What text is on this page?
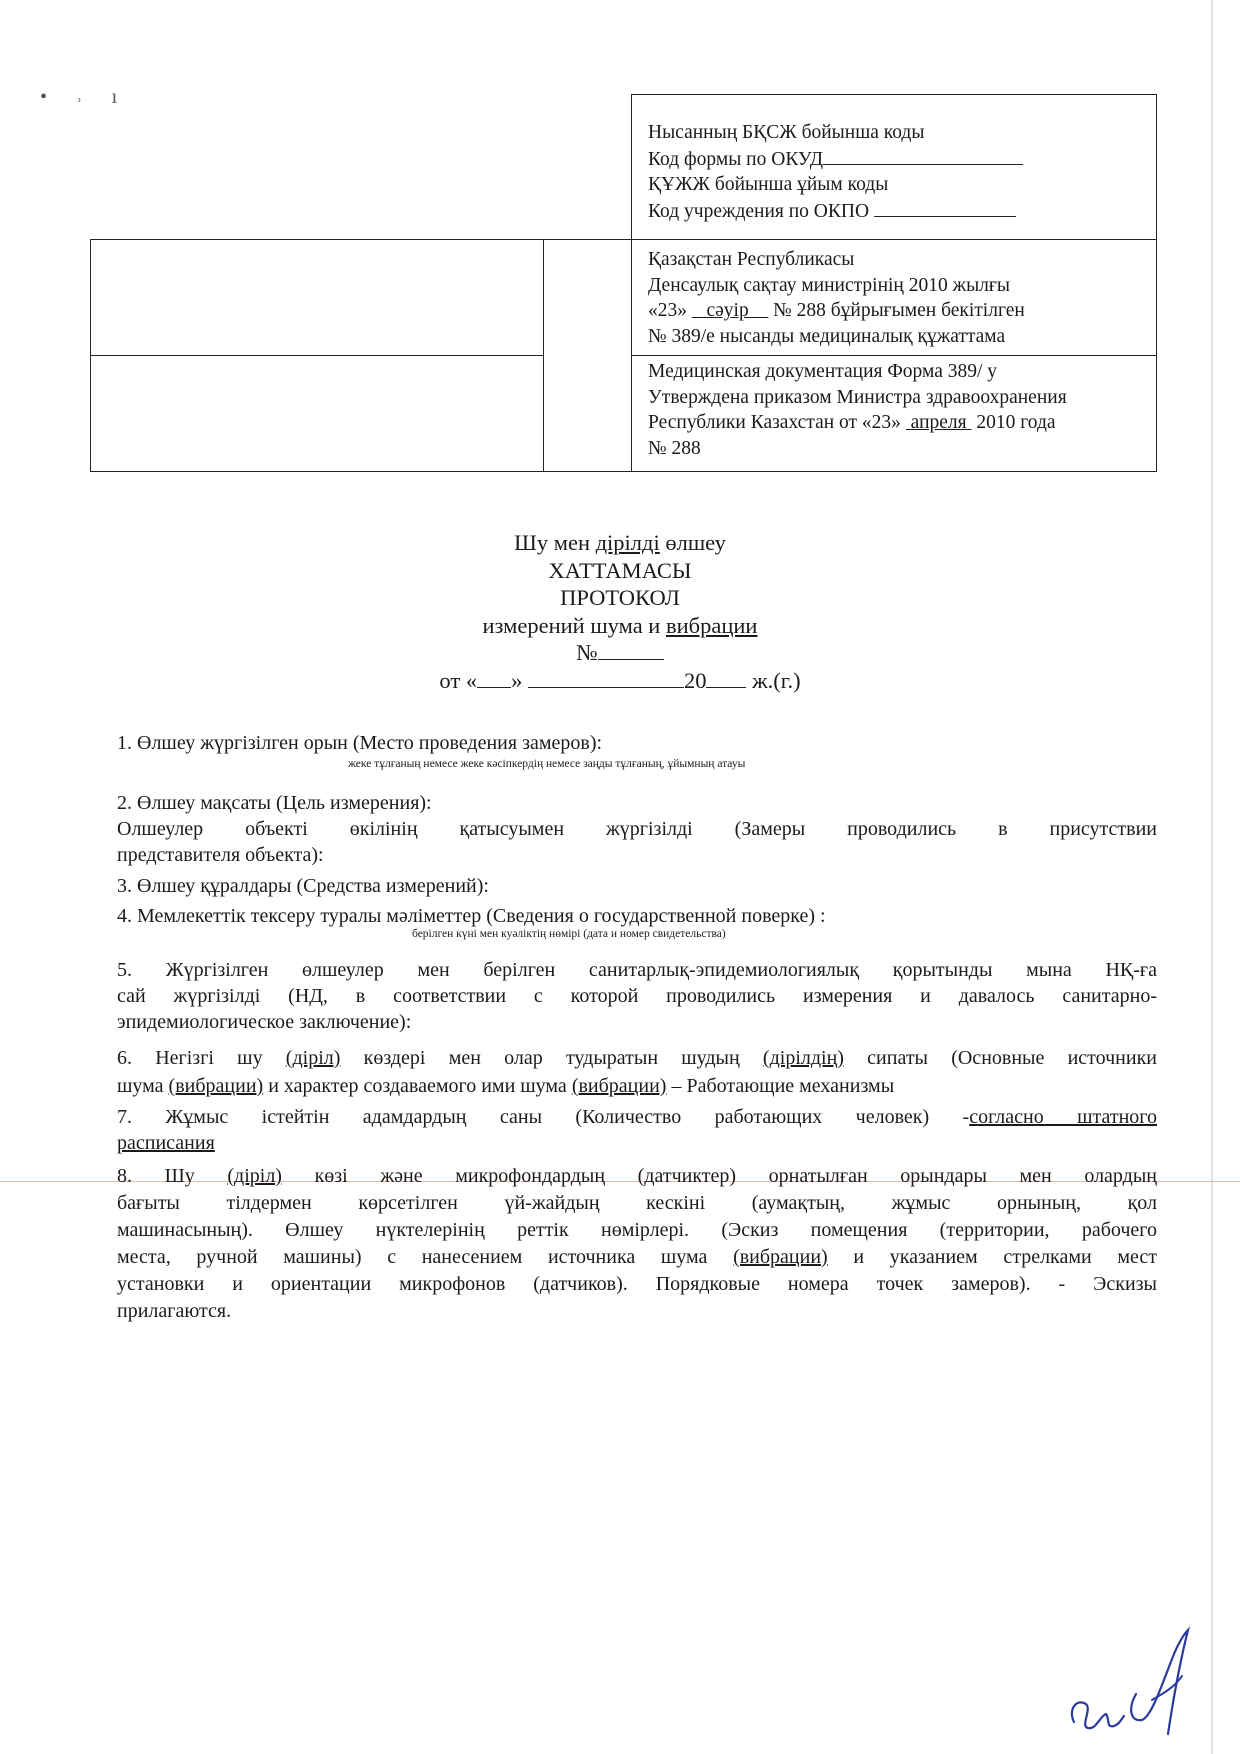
• ˒ ı
Нысанның БҚСЖ бойынша коды
Код формы по ОКУД
ҚҰЖЖ бойынша ұйым коды
Код учреждения по ОКПО
Қазақстан Республикасы
Денсаулық сақтау министрінің 2010 жылғы
«23» сәуір № 288 бұйрығымен бекітілген
№ 389/е нысанды медициналық құжаттама
Медицинская документация Форма 389/ у
Утверждена приказом Министра здравоохранения
Республики Казахстан от «23» апреля 2010 года
№ 288
Шу мен дірілді өлшеу
ХАТТАМАСЫ
ПРОТОКОЛ
измерений шума и вибрации
№
от « »	20 ж.(г.)
1. Өлшеу жүргізілген орын (Место проведения замеров):
жеке тұлғаның немесе жеке кәсіпкердің немесе заңды тұлғаның, ұйымның атауы
2. Өлшеу мақсаты (Цель измерения):
Олшеулер объекті өкілінің қатысуымен жүргізілді (Замеры проводились в присутствии
представителя объекта):
3. Өлшеу құралдары (Средства измерений):
4. Мемлекеттік тексеру туралы мәліметтер (Сведения о государственной поверке) :
берілген күні мен куәліктің нөмірі (дата и номер свидетельства)
5. Жүргізілген өлшеулер мен берілген санитарлық-эпидемиологиялық қорытынды мына НҚ-ға
сай жүргізілді (НД, в соответствии с которой проводились измерения и давалось санитарно-
эпидемиологическое заключение):
6. Негізгі шу (діріл) көздері мен олар тудыратын шудың (дірілдің) сипаты (Основные источники
шума (вибрации) и характер создаваемого ими шума (вибрации) – Работающие механизмы
7. Жұмыс істейтін адамдардың саны (Количество работающих человек) -согласно штатного
расписания
8. Шу (діріл) көзі және микрофондардың (датчиктер) орнатылған орындары мен олардың
бағыты тілдермен көрсетілген үй-жайдың кескіні (аумақтың, жұмыс орнының, қол
машинасының). Өлшеу нүктелерінің реттік нөмірлері. (Эскиз помещения (территории, рабочего
места, ручной машины) с нанесением источника шума (вибрации) и указанием стрелками мест
установки и ориентации микрофонов (датчиков). Порядковые номера точек замеров). - Эскизы
прилагаются.
